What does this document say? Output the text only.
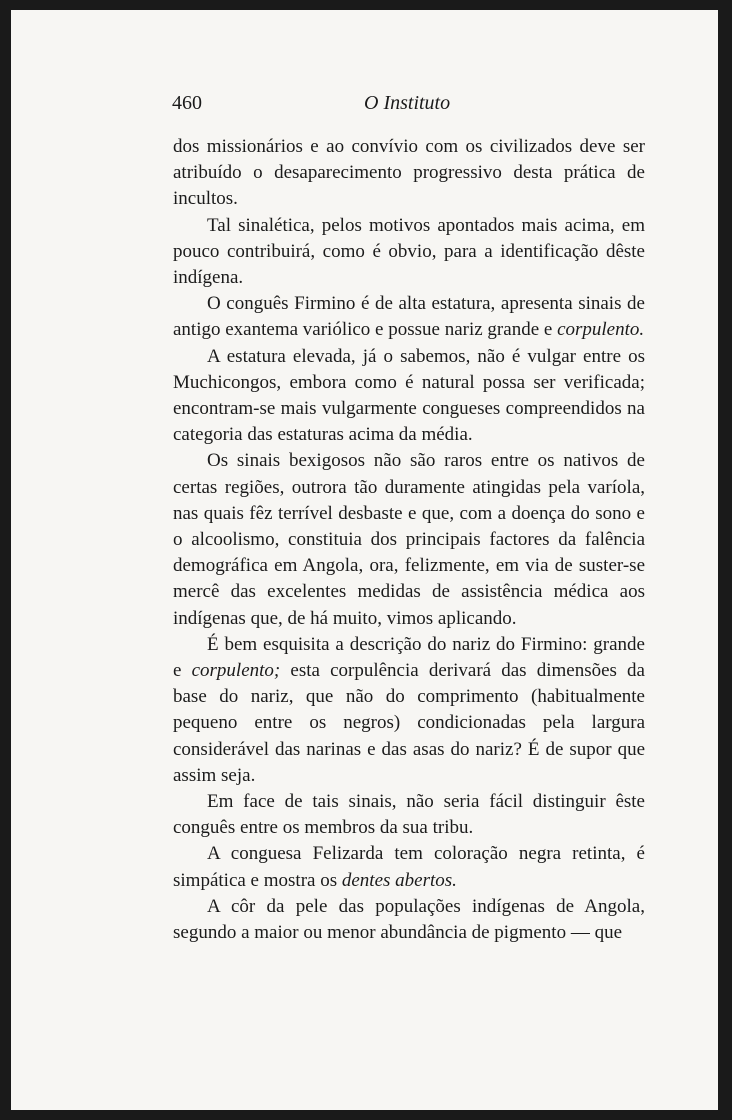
460	O Instituto

dos missionários e ao convívio com os civilizados deve ser atribuído o desaparecimento progressivo desta prática de incultos.

Tal sinalética, pelos motivos apontados mais acima, em pouco contribuirá, como é obvio, para a identificação dêste indígena.

O conguês Firmino é de alta estatura, apresenta sinais de antigo exantema variólico e possue nariz grande e corpulento.

A estatura elevada, já o sabemos, não é vulgar entre os Muchicongos, embora como é natural possa ser verificada; encontram-se mais vulgarmente congueses compreendidos na categoria das estaturas acima da média.

Os sinais bexigosos não são raros entre os nativos de certas regiões, outrora tão duramente atingidas pela varíola, nas quais fêz terrível desbaste e que, com a doença do sono e o alcoolismo, constituia dos principais factores da falência demográfica em Angola, ora, felizmente, em via de suster-se mercê das excelentes medidas de assistência médica aos indígenas que, de há muito, vimos aplicando.

É bem esquisita a descrição do nariz do Firmino: grande e corpulento; esta corpulência derivará das dimensões da base do nariz, que não do comprimento (habitualmente pequeno entre os negros) condicionadas pela largura considerável das narinas e das asas do nariz? É de supor que assim seja.

Em face de tais sinais, não seria fácil distinguir êste conguês entre os membros da sua tribu.

A conguesa Felizarda tem coloração negra retinta, é simpática e mostra os dentes abertos.

A côr da pele das populações indígenas de Angola, segundo a maior ou menor abundância de pigmento — que
